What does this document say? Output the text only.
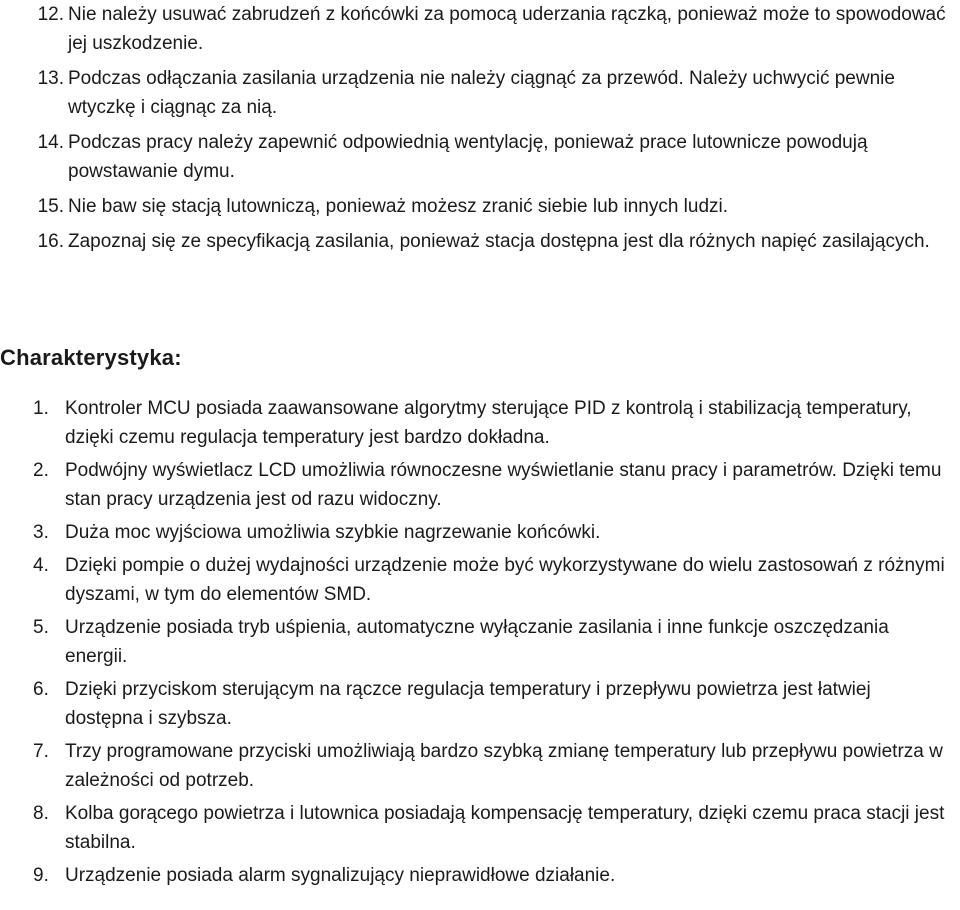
12. Nie należy usuwać zabrudzeń z końcówki za pomocą uderzania rączką, ponieważ może to spowodować jej uszkodzenie.
13. Podczas odłączania zasilania urządzenia nie należy ciągnąć za przewód. Należy uchwycić pewnie wtyczkę i ciągnąc za nią.
14. Podczas pracy należy zapewnić odpowiednią wentylację, ponieważ prace lutownicze powodują powstawanie dymu.
15. Nie baw się stacją lutowniczą, ponieważ możesz zranić siebie lub innych ludzi.
16. Zapoznaj się ze specyfikacją zasilania, ponieważ stacja dostępna jest dla różnych napięć zasilających.
Charakterystyka:
1. Kontroler MCU posiada zaawansowane algorytmy sterujące PID z kontrolą i stabilizacją temperatury, dzięki czemu regulacja temperatury jest bardzo dokładna.
2. Podwójny wyświetlacz LCD umożliwia równoczesne wyświetlanie stanu pracy i parametrów. Dzięki temu stan pracy urządzenia jest od razu widoczny.
3. Duża moc wyjściowa umożliwia szybkie nagrzewanie końcówki.
4. Dzięki pompie o dużej wydajności urządzenie może być wykorzystywane do wielu zastosowań z różnymi dyszami, w tym do elementów SMD.
5. Urządzenie posiada tryb uśpienia, automatyczne wyłączanie zasilania i inne funkcje oszczędzania energii.
6. Dzięki przyciskom sterującym na rączce regulacja temperatury i przepływu powietrza jest łatwiej dostępna i szybsza.
7. Trzy programowane przyciski umożliwiają bardzo szybką zmianę temperatury lub przepływu powietrza w zależności od potrzeb.
8. Kolba gorącego powietrza i lutownica posiadają kompensację temperatury, dzięki czemu praca stacji jest stabilna.
9. Urządzenie posiada alarm sygnalizujący nieprawidłowe działanie.
